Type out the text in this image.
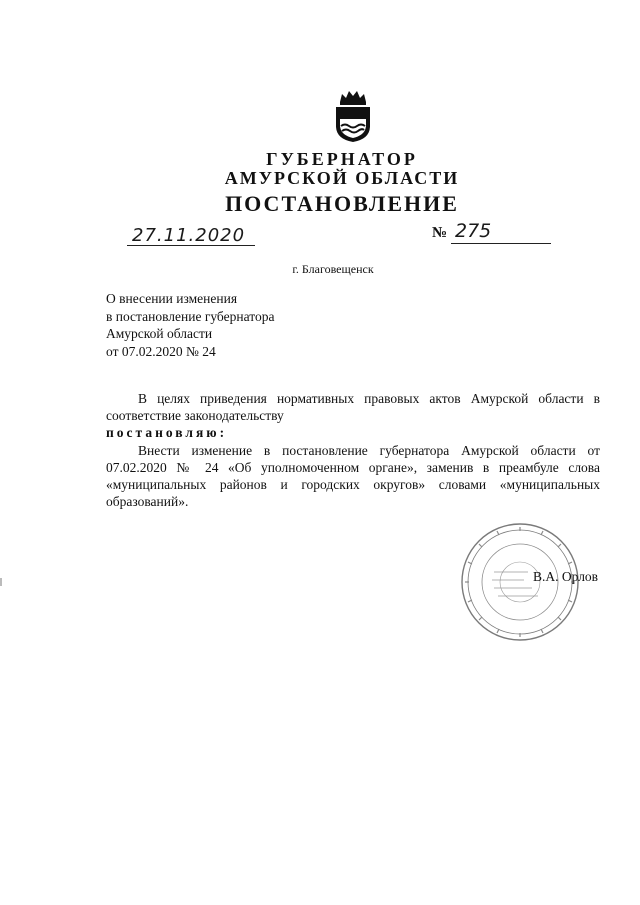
ГУБЕРНАТОР
АМУРСКОЙ ОБЛАСТИ
ПОСТАНОВЛЕНИЕ
27.11.2020	№ 275
г. Благовещенск
О внесении изменения
в постановление губернатора
Амурской области
от 07.02.2020 № 24

В целях приведения нормативных правовых актов Амурской области в соответствие законодательству

постановляю:

Внести изменение в постановление губернатора Амурской области от 07.02.2020 № 24 «Об уполномоченном органе», заменив в преамбуле слова «муниципальных районов и городских округов» словами «муниципальных образований».

В.А. Орлов
